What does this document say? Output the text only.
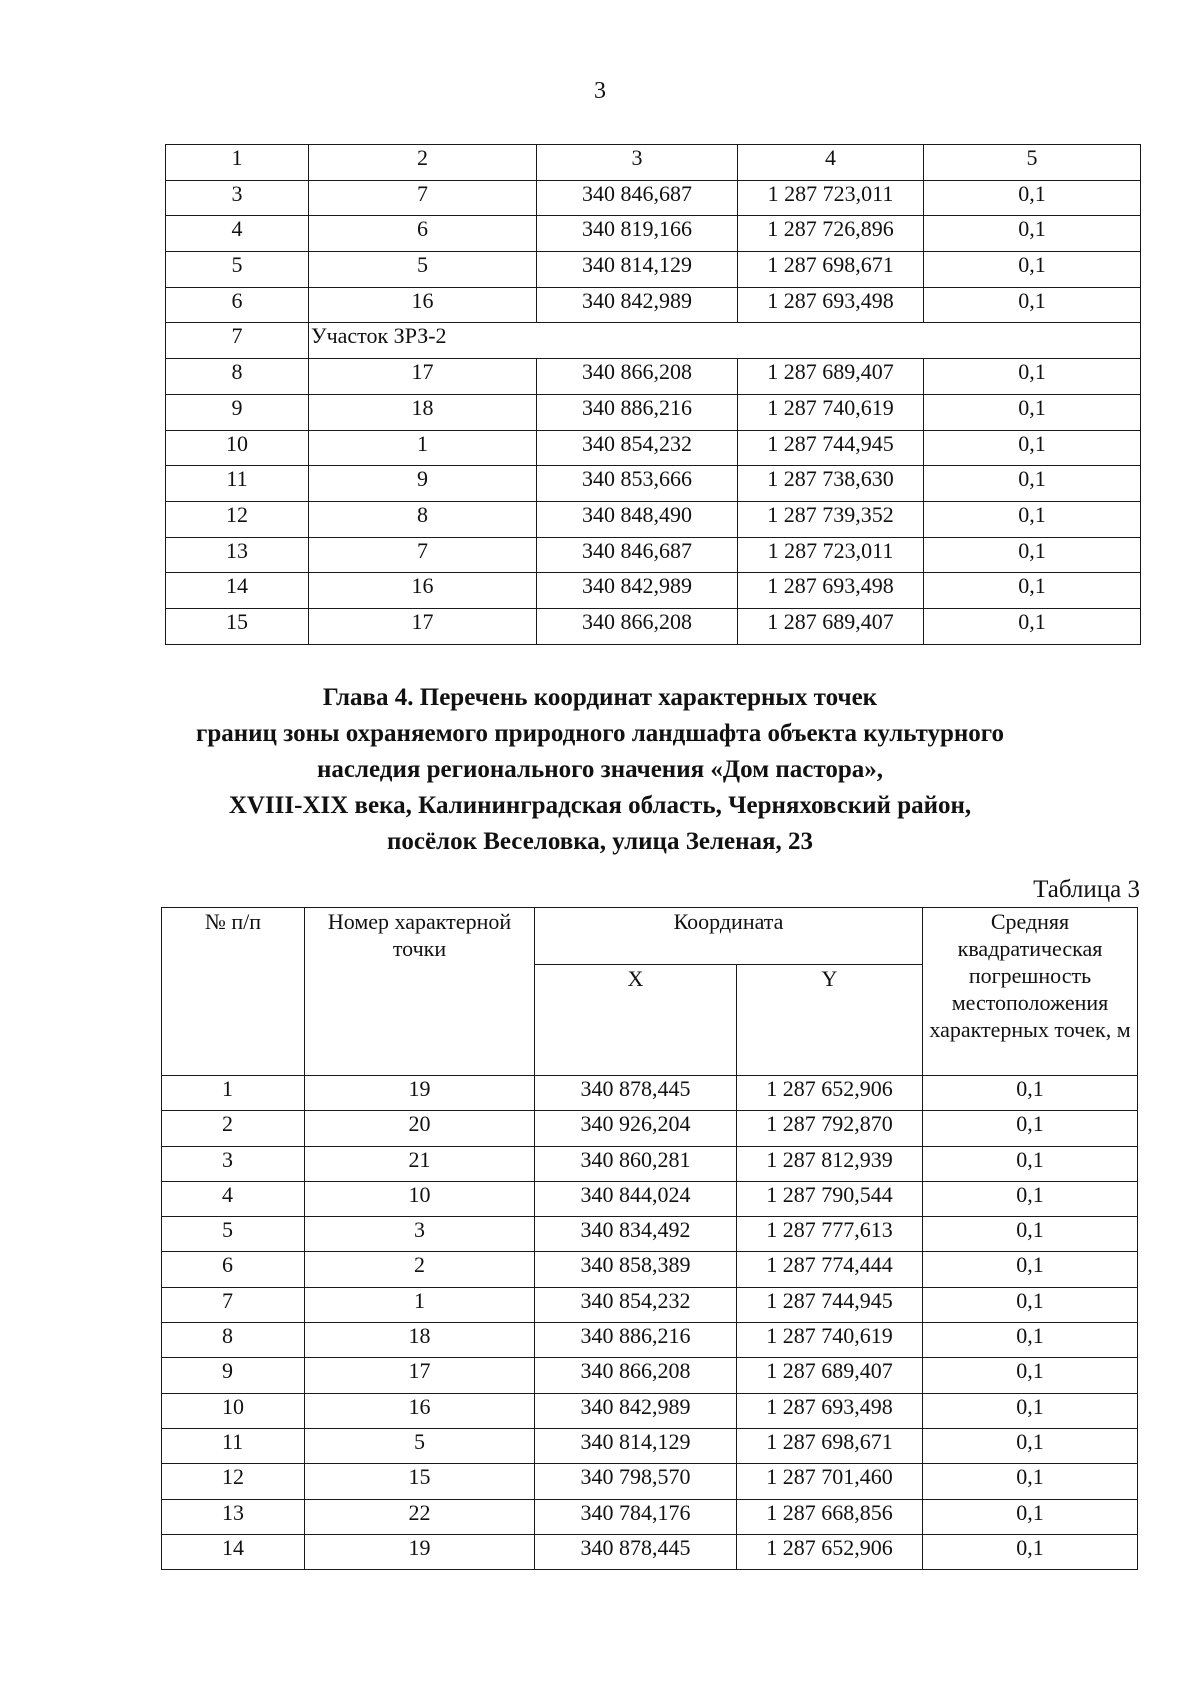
3
1	2	3	4	5
3	7	340 846,687	1 287 723,011	0,1
4	6	340 819,166	1 287 726,896	0,1
5	5	340 814,129	1 287 698,671	0,1
6	16	340 842,989	1 287 693,498	0,1
7	Участок ЗРЗ-2			
8	17	340 866,208	1 287 689,407	0,1
9	18	340 886,216	1 287 740,619	0,1
10	1	340 854,232	1 287 744,945	0,1
11	9	340 853,666	1 287 738,630	0,1
12	8	340 848,490	1 287 739,352	0,1
13	7	340 846,687	1 287 723,011	0,1
14	16	340 842,989	1 287 693,498	0,1
15	17	340 866,208	1 287 689,407	0,1
Глава 4. Перечень координат характерных точек
границ зоны охраняемого природного ландшафта объекта культурного
наследия регионального значения «Дом пастора»,
XVIII-XIX века, Калининградская область, Черняховский район,
посёлок Веселовка, улица Зеленая, 23
Таблица 3
№ п/п	Номер характерной точки	Координата		Средняя квадратическая погрешность местоположения характерных точек, м
		X	Y	
1	19	340 878,445	1 287 652,906	0,1
2	20	340 926,204	1 287 792,870	0,1
3	21	340 860,281	1 287 812,939	0,1
4	10	340 844,024	1 287 790,544	0,1
5	3	340 834,492	1 287 777,613	0,1
6	2	340 858,389	1 287 774,444	0,1
7	1	340 854,232	1 287 744,945	0,1
8	18	340 886,216	1 287 740,619	0,1
9	17	340 866,208	1 287 689,407	0,1
10	16	340 842,989	1 287 693,498	0,1
11	5	340 814,129	1 287 698,671	0,1
12	15	340 798,570	1 287 701,460	0,1
13	22	340 784,176	1 287 668,856	0,1
14	19	340 878,445	1 287 652,906	0,1
